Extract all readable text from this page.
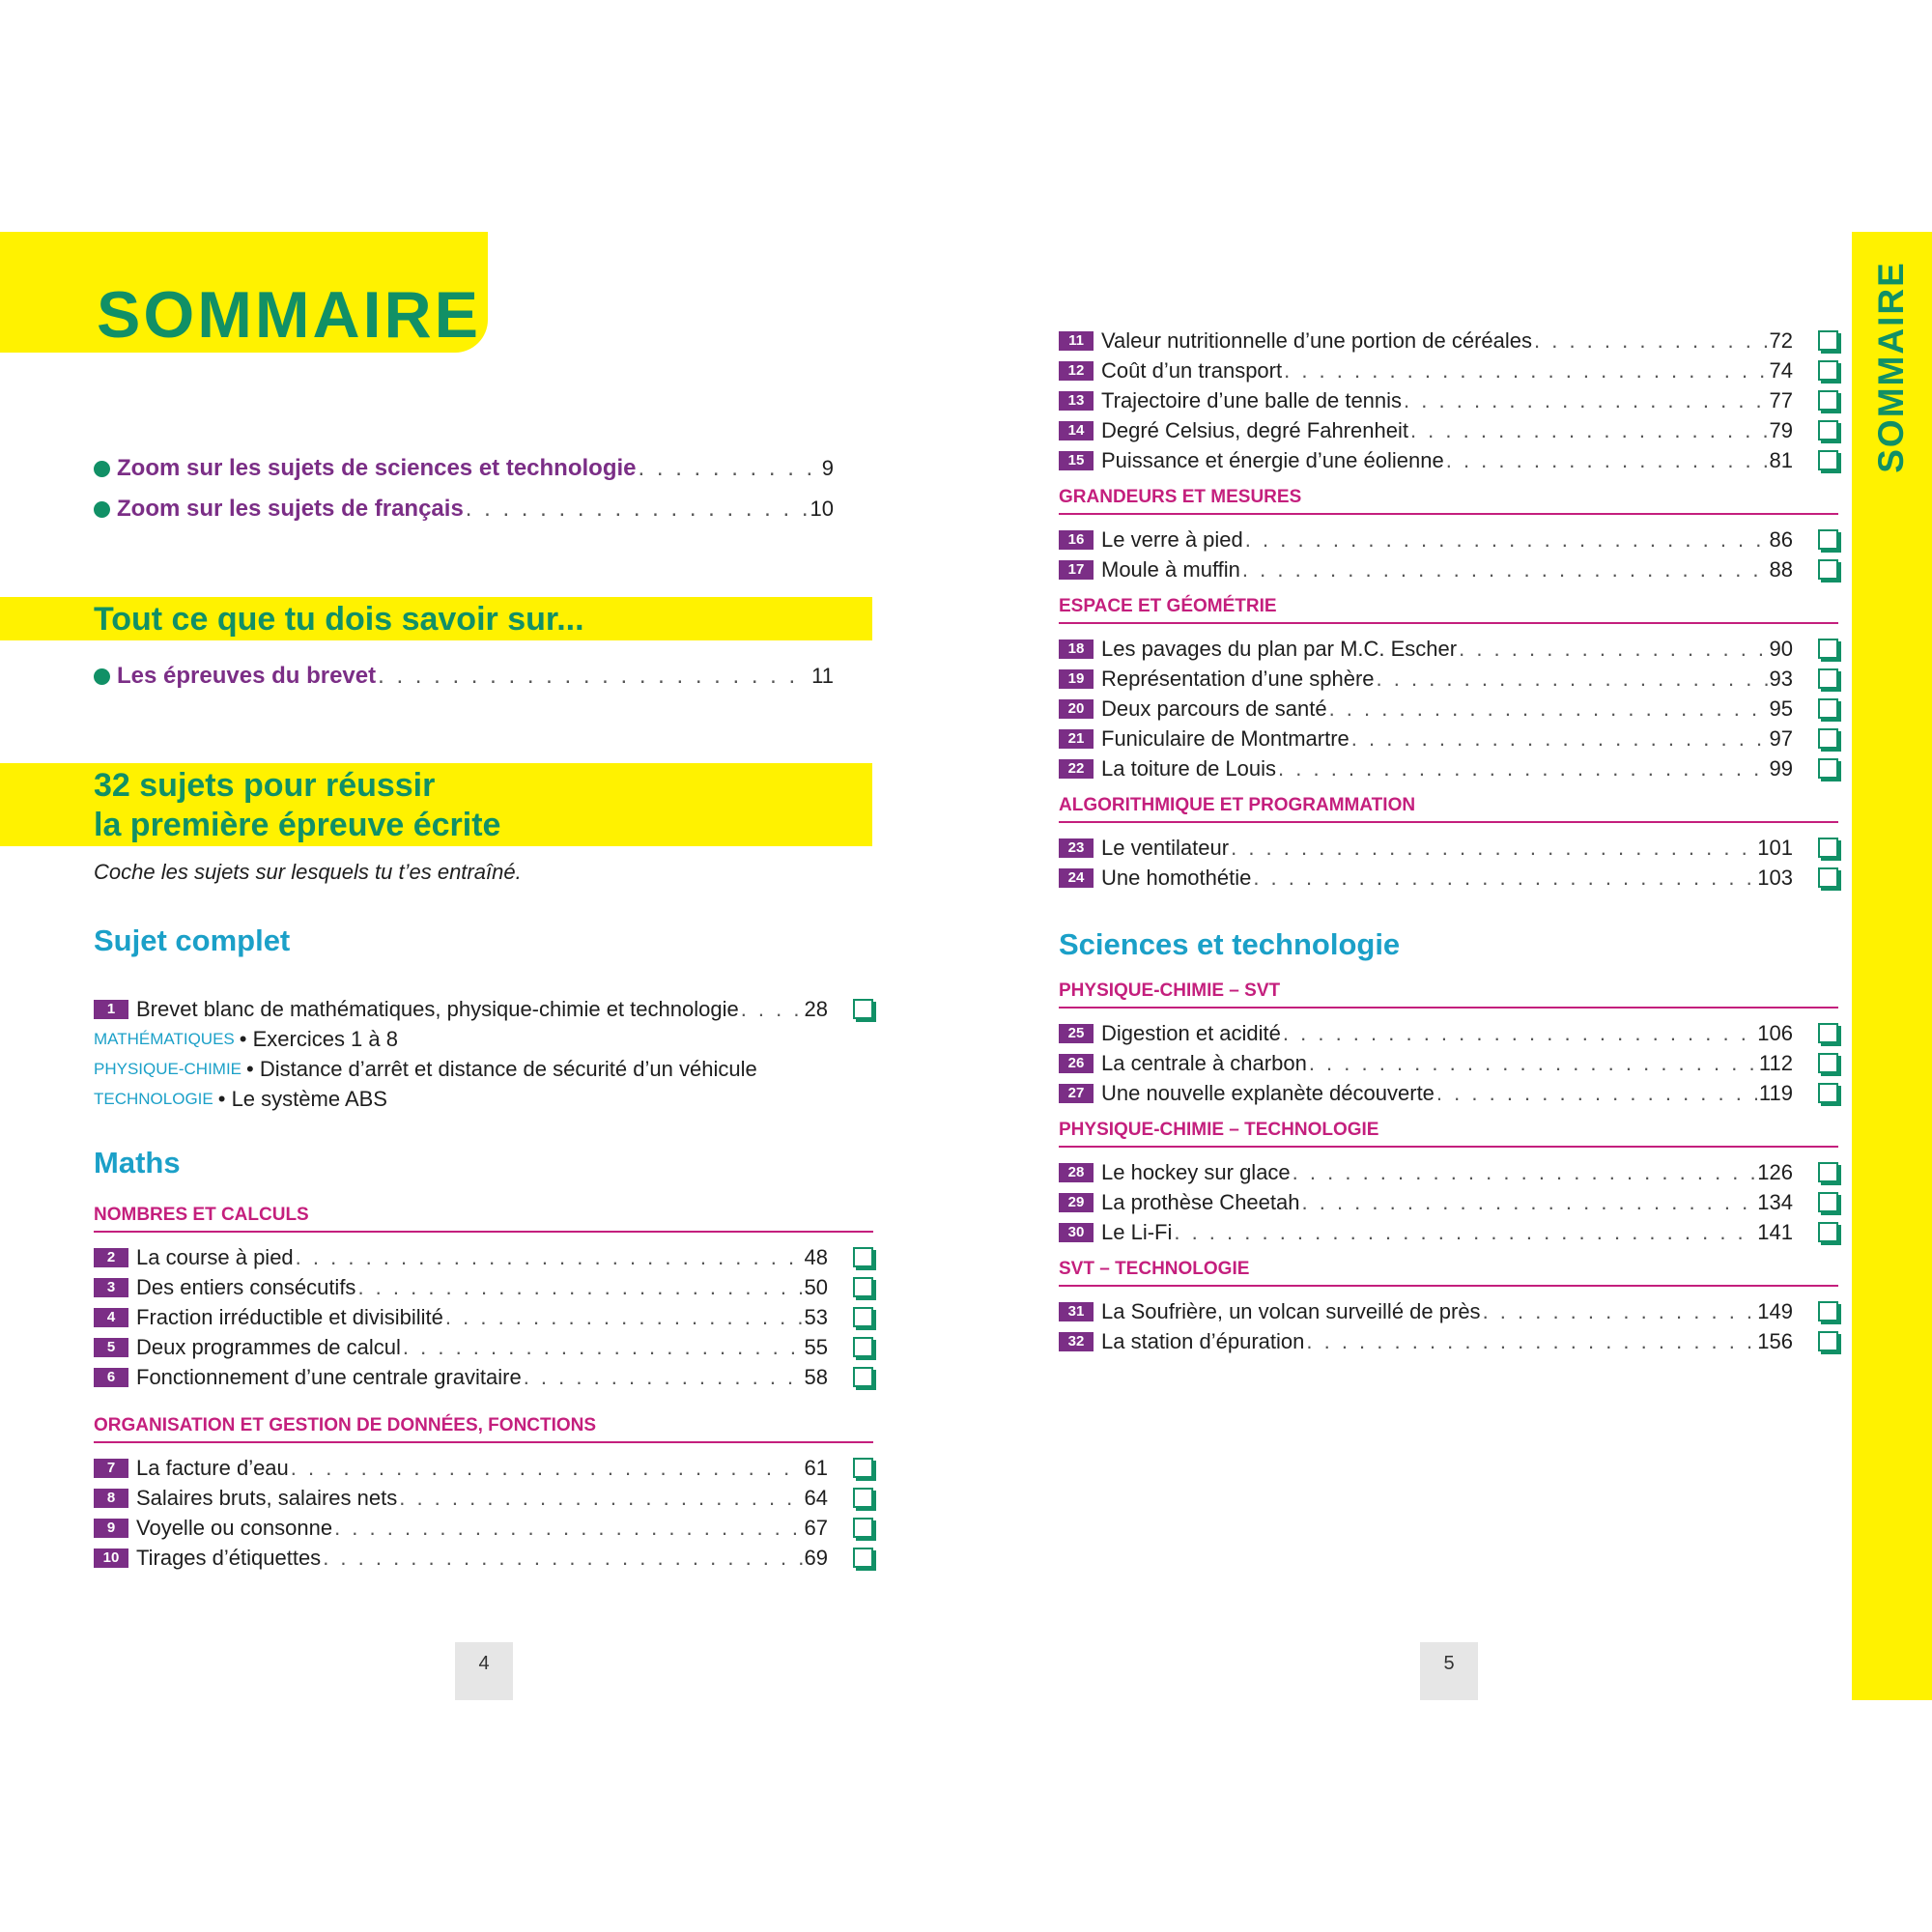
SOMMAIRE	SOMMAIRE
Zoom sur les sujets de sciences et technologie . . .	9
Zoom sur les sujets de français . . .	10
Tout ce que tu dois savoir sur...
Les épreuves du brevet . . .	11
32 sujets pour réussir
la première épreuve écrite
Coche les sujets sur lesquels tu t’es entraîné.
Sujet complet
1 Brevet blanc de mathématiques, physique-chimie et technologie . . .	28
MATHÉMATIQUES • Exercices 1 à 8
PHYSIQUE-CHIMIE • Distance d’arrêt et distance de sécurité d’un véhicule
TECHNOLOGIE • Le système ABS
Maths
NOMBRES ET CALCULS
2 La course à pied . . .	48
3 Des entiers consécutifs . . .	50
4 Fraction irréductible et divisibilité . . .	53
5 Deux programmes de calcul . . .	55
6 Fonctionnement d’une centrale gravitaire . . .	58
ORGANISATION ET GESTION DE DONNÉES, FONCTIONS
7 La facture d’eau . . .	61
8 Salaires bruts, salaires nets . . .	64
9 Voyelle ou consonne . . .	67
10 Tirages d’étiquettes . . .	69
11 Valeur nutritionnelle d’une portion de céréales . . .	72
12 Coût d’un transport . . .	74
13 Trajectoire d’une balle de tennis . . .	77
14 Degré Celsius, degré Fahrenheit . . .	79
15 Puissance et énergie d’une éolienne . . .	81
GRANDEURS ET MESURES
16 Le verre à pied . . .	86
17 Moule à muffin . . .	88
ESPACE ET GÉOMÉTRIE
18 Les pavages du plan par M.C. Escher . . .	90
19 Représentation d’une sphère . . .	93
20 Deux parcours de santé . . .	95
21 Funiculaire de Montmartre . . .	97
22 La toiture de Louis . . .	99
ALGORITHMIQUE ET PROGRAMMATION
23 Le ventilateur . . .	101
24 Une homothétie . . .	103
Sciences et technologie
PHYSIQUE-CHIMIE – SVT
25 Digestion et acidité . . .	106
26 La centrale à charbon . . .	112
27 Une nouvelle explanète découverte . . .	119
PHYSIQUE-CHIMIE – TECHNOLOGIE
28 Le hockey sur glace . . .	126
29 La prothèse Cheetah . . .	134
30 Le Li-Fi . . .	141
SVT – TECHNOLOGIE
31 La Soufrière, un volcan surveillé de près . . .	149
32 La station d’épuration . . .	156
4	5
